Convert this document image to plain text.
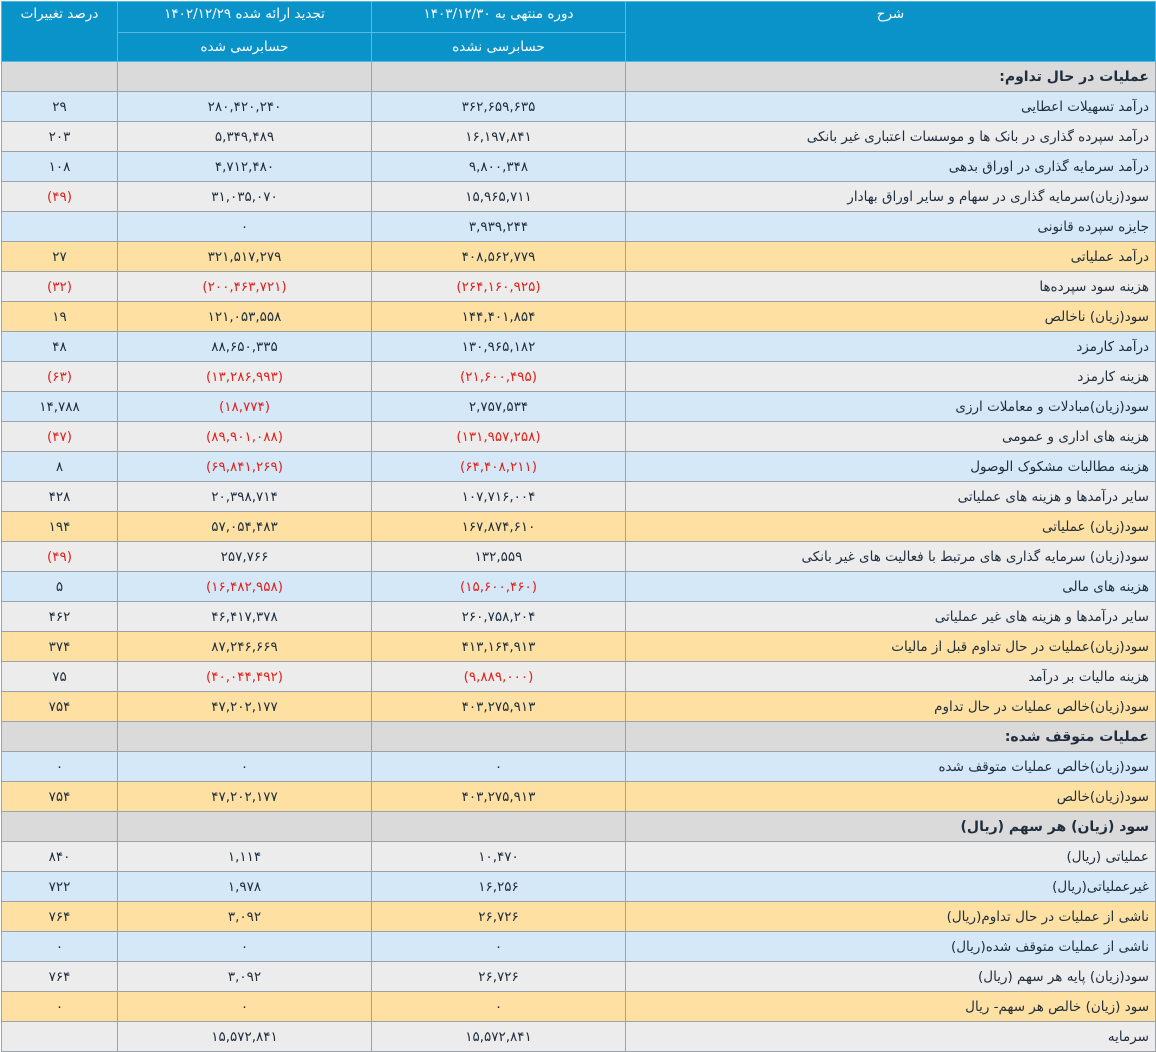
شرح	دوره منتهی به ۱۴۰۳/۱۲/۳۰	تجدید ارائه شده ۱۴۰۲/۱۲/۲۹	درصد تغییرات
	حسابرسی نشده	حسابرسی شده	
عملیات در حال تداوم:			
درآمد تسهیلات اعطایی	۳۶۲,۶۵۹,۶۳۵	۲۸۰,۴۲۰,۲۴۰	۲۹
درآمد سپرده گذاری در بانک ها و موسسات اعتباری غیر بانکی	۱۶,۱۹۷,۸۴۱	۵,۳۴۹,۴۸۹	۲۰۳
درآمد سرمایه گذاری در اوراق بدهی	۹,۸۰۰,۳۴۸	۴,۷۱۲,۴۸۰	۱۰۸
سود(زیان)سرمایه گذاری در سهام و سایر اوراق بهادار	۱۵,۹۶۵,۷۱۱	۳۱,۰۳۵,۰۷۰	(۴۹)
جایزه سپرده قانونی	۳,۹۳۹,۲۴۴	۰	
درآمد عملیاتی	۴۰۸,۵۶۲,۷۷۹	۳۲۱,۵۱۷,۲۷۹	۲۷
هزینه سود سپرده‌ها	(۲۶۴,۱۶۰,۹۲۵)	(۲۰۰,۴۶۳,۷۲۱)	(۳۲)
سود(زیان) ناخالص	۱۴۴,۴۰۱,۸۵۴	۱۲۱,۰۵۳,۵۵۸	۱۹
درآمد کارمزد	۱۳۰,۹۶۵,۱۸۲	۸۸,۶۵۰,۳۳۵	۴۸
هزینه کارمزد	(۲۱,۶۰۰,۴۹۵)	(۱۳,۲۸۶,۹۹۳)	(۶۳)
سود(زیان)مبادلات و معاملات ارزی	۲,۷۵۷,۵۳۴	(۱۸,۷۷۴)	۱۴,۷۸۸
هزینه های اداری و عمومی	(۱۳۱,۹۵۷,۲۵۸)	(۸۹,۹۰۱,۰۸۸)	(۴۷)
هزینه مطالبات مشکوک الوصول	(۶۴,۴۰۸,۲۱۱)	(۶۹,۸۴۱,۲۶۹)	۸
سایر درآمدها و هزینه های عملیاتی	۱۰۷,۷۱۶,۰۰۴	۲۰,۳۹۸,۷۱۴	۴۲۸
سود(زیان) عملیاتی	۱۶۷,۸۷۴,۶۱۰	۵۷,۰۵۴,۴۸۳	۱۹۴
سود(زیان) سرمایه گذاری های مرتبط با فعالیت های غیر بانکی	۱۳۲,۵۵۹	۲۵۷,۷۶۶	(۴۹)
هزینه های مالی	(۱۵,۶۰۰,۴۶۰)	(۱۶,۴۸۲,۹۵۸)	۵
سایر درآمدها و هزینه های غیر عملیاتی	۲۶۰,۷۵۸,۲۰۴	۴۶,۴۱۷,۳۷۸	۴۶۲
سود(زیان)عملیات در حال تداوم قبل از مالیات	۴۱۳,۱۶۴,۹۱۳	۸۷,۲۴۶,۶۶۹	۳۷۴
هزینه مالیات بر درآمد	(۹,۸۸۹,۰۰۰)	(۴۰,۰۴۴,۴۹۲)	۷۵
سود(زیان)خالص عملیات در حال تداوم	۴۰۳,۲۷۵,۹۱۳	۴۷,۲۰۲,۱۷۷	۷۵۴
عملیات متوقف شده:			
سود(زیان)خالص عملیات متوقف شده	۰	۰	۰
سود(زیان)خالص	۴۰۳,۲۷۵,۹۱۳	۴۷,۲۰۲,۱۷۷	۷۵۴
سود (زیان) هر سهم (ریال)			
عملیاتی (ریال)	۱۰,۴۷۰	۱,۱۱۴	۸۴۰
غیرعملیاتی(ریال)	۱۶,۲۵۶	۱,۹۷۸	۷۲۲
ناشی از عملیات در حال تداوم(ریال)	۲۶,۷۲۶	۳,۰۹۲	۷۶۴
ناشی از عملیات متوقف شده(ریال)	۰	۰	۰
سود(زیان) پایه هر سهم (ریال)	۲۶,۷۲۶	۳,۰۹۲	۷۶۴
سود (زیان) خالص هر سهم- ریال	۰	۰	۰
سرمایه	۱۵,۵۷۲,۸۴۱	۱۵,۵۷۲,۸۴۱	
